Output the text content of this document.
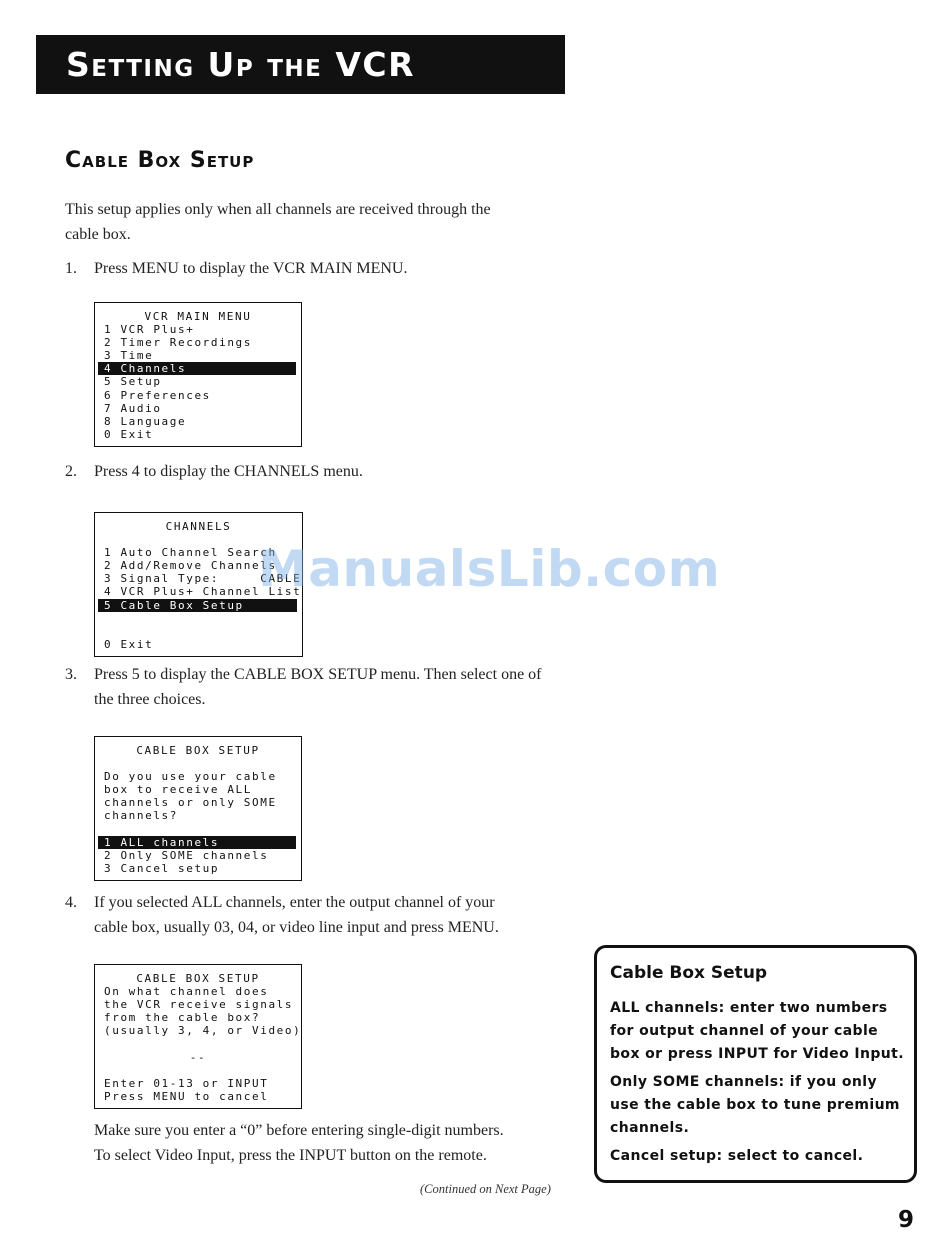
Setting Up the VCR
Cable Box Setup
This setup applies only when all channels are received through the
cable box.
1.	Press MENU to display the VCR MAIN MENU.
VCR MAIN MENU
1 VCR Plus+
2 Timer Recordings
3 Time
4 Channels
5 Setup
6 Preferences
7 Audio
8 Language
0 Exit
2.	Press 4 to display the CHANNELS menu.
CHANNELS
1 Auto Channel Search
2 Add/Remove Channels
3 Signal Type:     CABLE
4 VCR Plus+ Channel List
5 Cable Box Setup
0 Exit
ManualsLib.com
3.	Press 5 to display the CABLE BOX SETUP menu. Then select one of
the three choices.
CABLE BOX SETUP
Do you use your cable
box to receive ALL
channels or only SOME
channels?
1 ALL channels
2 Only SOME channels
3 Cancel setup
4.	If you selected ALL channels, enter the output channel of your
cable box, usually 03, 04, or video line input and press MENU.
CABLE BOX SETUP
On what channel does
the VCR receive signals
from the cable box?
(usually 3, 4, or Video)
--
Enter 01-13 or INPUT
Press MENU to cancel
Make sure you enter a “0” before entering single-digit numbers.
To select Video Input, press the INPUT button on the remote.
Cable Box Setup
ALL channels: enter two numbers for output channel of your cable box or press INPUT for Video Input.
Only SOME channels: if you only use the cable box to tune premium channels.
Cancel setup: select to cancel.
(Continued on Next Page)
9
